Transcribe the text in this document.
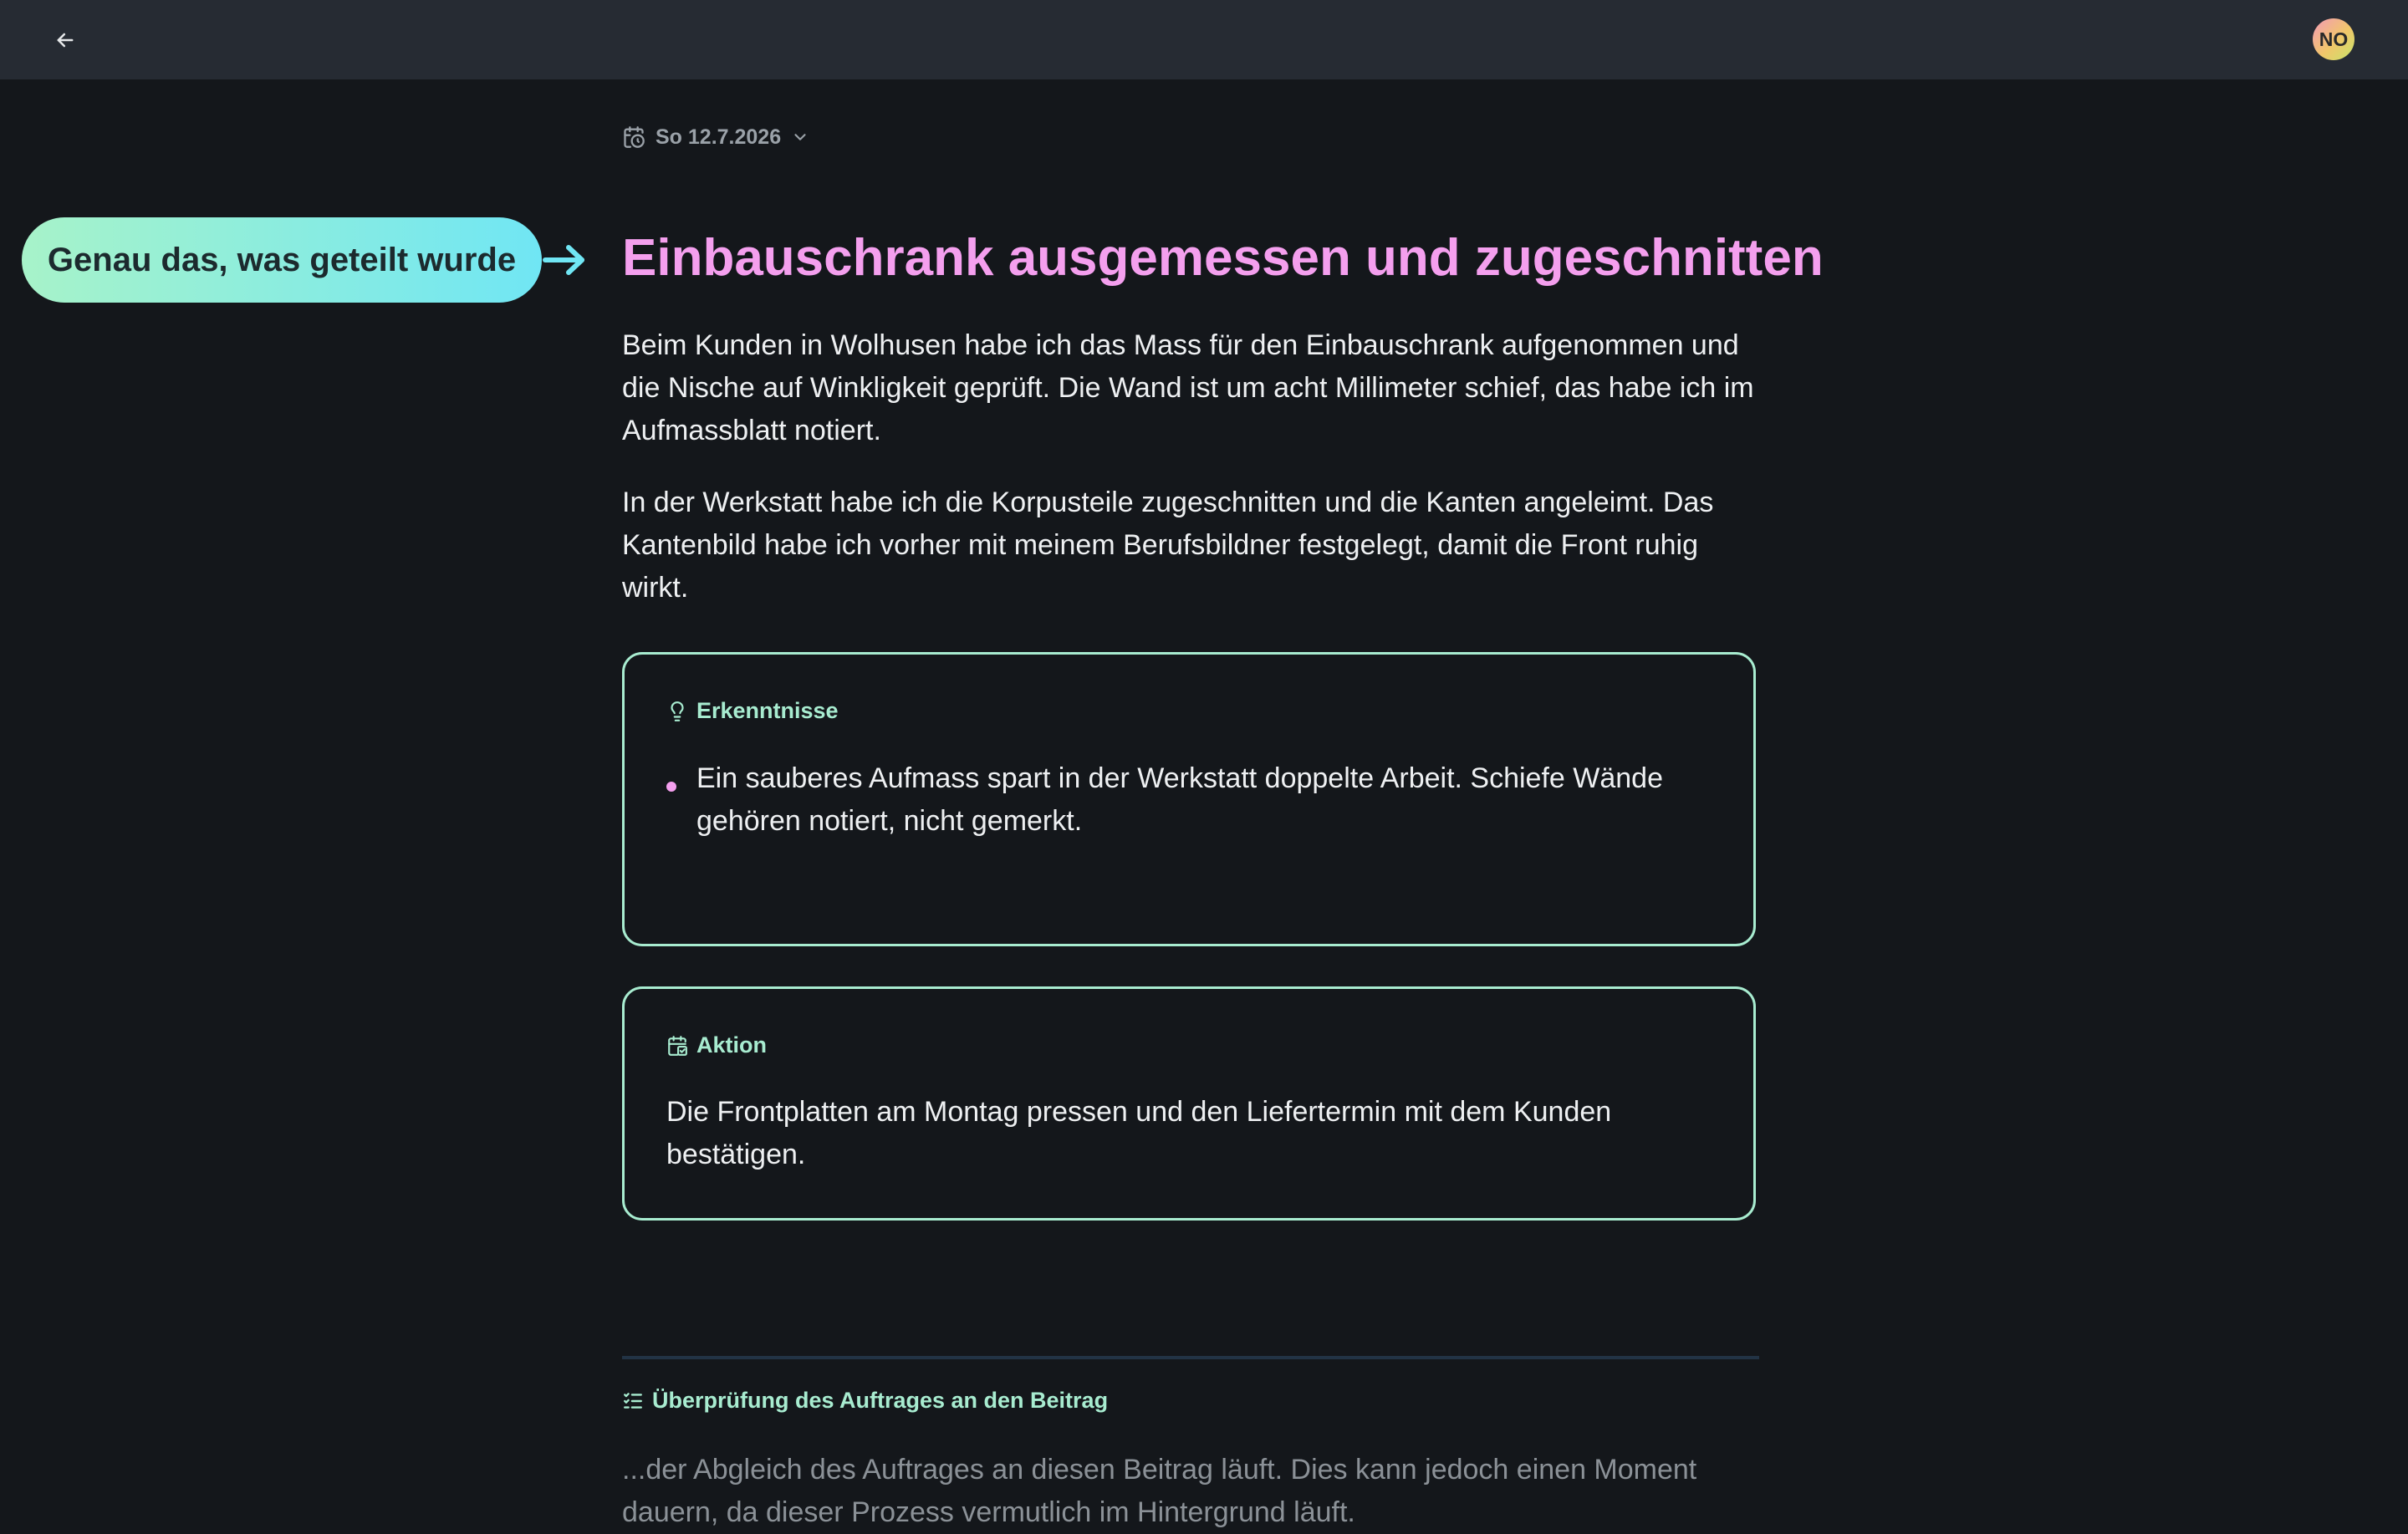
NO
So 12.7.2026
Genau das, was geteilt wurde Einbauschrank ausgemessen und zugeschnitten

Beim Kunden in Wolhusen habe ich das Mass für den Einbauschrank aufgenommen und die Nische auf Winkligkeit geprüft. Die Wand ist um acht Millimeter schief, das habe ich im Aufmassblatt notiert.

In der Werkstatt habe ich die Korpusteile zugeschnitten und die Kanten angeleimt. Das Kantenbild habe ich vorher mit meinem Berufsbildner festgelegt, damit die Front ruhig wirkt.

Erkenntnisse

Ein sauberes Aufmass spart in der Werkstatt doppelte Arbeit. Schiefe Wände gehören notiert, nicht gemerkt.

Aktion

Die Frontplatten am Montag pressen und den Liefertermin mit dem Kunden bestätigen.

Überprüfung des Auftrages an den Beitrag

...der Abgleich des Auftrages an diesen Beitrag läuft. Dies kann jedoch einen Moment dauern, da dieser Prozess vermutlich im Hintergrund läuft.
